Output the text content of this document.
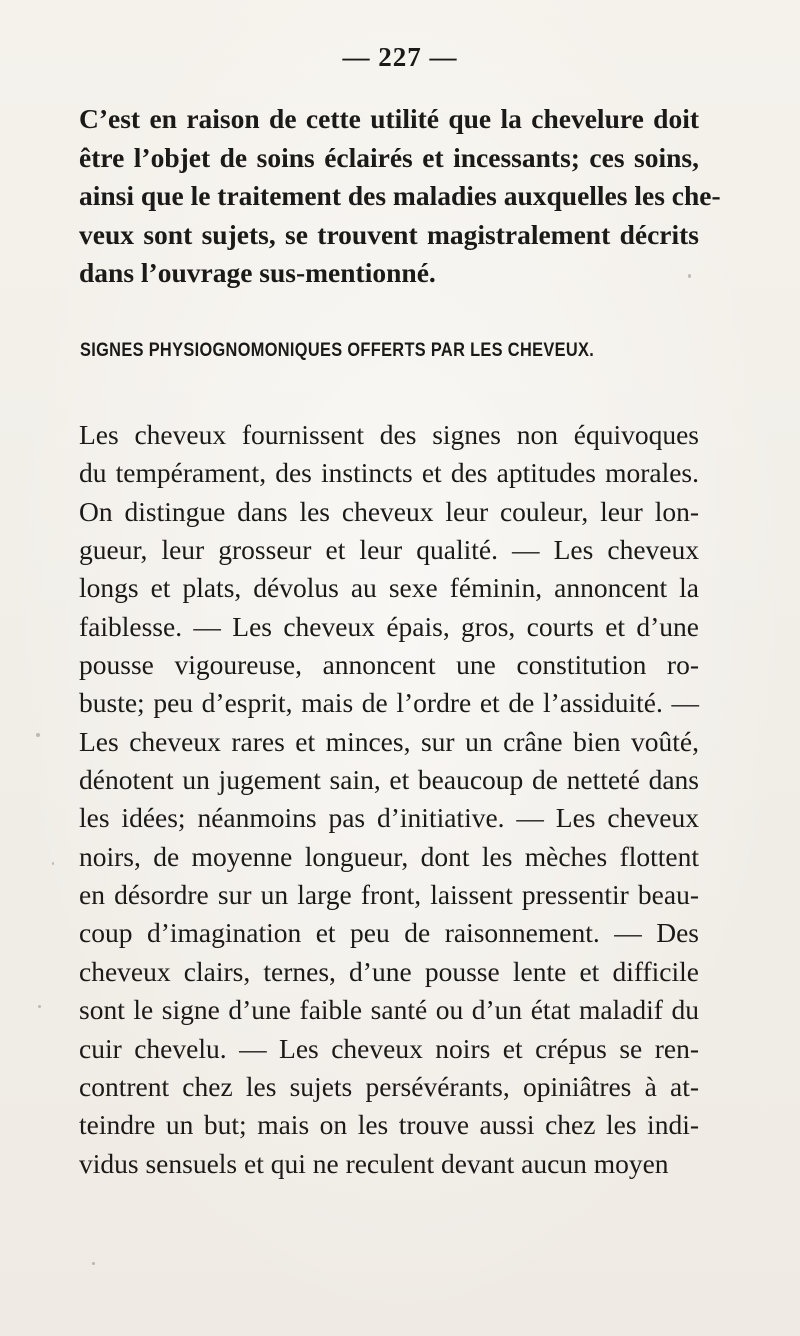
— 227 —
C’est en raison de cette utilité que la chevelure doit
être l’objet de soins éclairés et incessants; ces soins,
ainsi que le traitement des maladies auxquelles les che-
veux sont sujets, se trouvent magistralement décrits
dans l’ouvrage sus-mentionné.
SIGNES PHYSIOGNOMONIQUES OFFERTS PAR LES CHEVEUX.
Les cheveux fournissent des signes non équivoques
du tempérament, des instincts et des aptitudes morales.
On distingue dans les cheveux leur couleur, leur lon-
gueur, leur grosseur et leur qualité. — Les cheveux
longs et plats, dévolus au sexe féminin, annoncent la
faiblesse. — Les cheveux épais, gros, courts et d’une
pousse vigoureuse, annoncent une constitution ro-
buste; peu d’esprit, mais de l’ordre et de l’assiduité. —
Les cheveux rares et minces, sur un crâne bien voûté,
dénotent un jugement sain, et beaucoup de netteté dans
les idées; néanmoins pas d’initiative. — Les cheveux
noirs, de moyenne longueur, dont les mèches flottent
en désordre sur un large front, laissent pressentir beau-
coup d’imagination et peu de raisonnement. — Des
cheveux clairs, ternes, d’une pousse lente et difficile
sont le signe d’une faible santé ou d’un état maladif du
cuir chevelu. — Les cheveux noirs et crépus se ren-
contrent chez les sujets persévérants, opiniâtres à at-
teindre un but; mais on les trouve aussi chez les indi-
vidus sensuels et qui ne reculent devant aucun moyen
